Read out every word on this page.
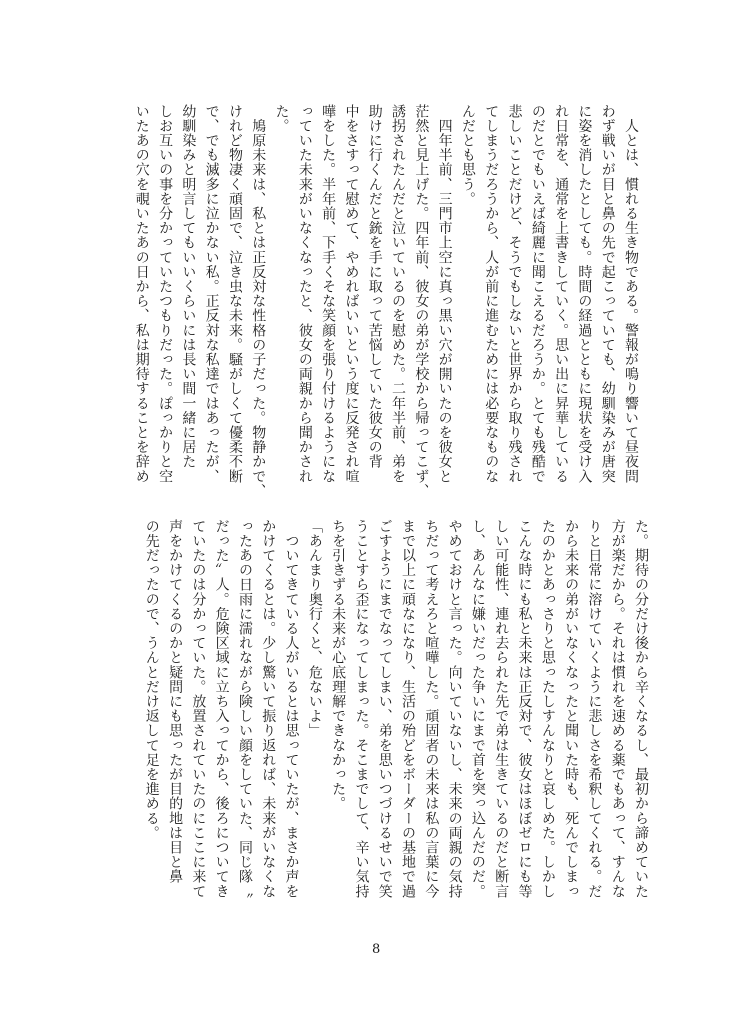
　人とは、慣れる生き物である。警報が鳴り響いて昼夜問
わず戦いが目と鼻の先で起こっていても、幼馴染みが唐突
に姿を消したとしても。時間の経過とともに現状を受け入
れ日常を、通常を上書きしていく。思い出に昇華している
のだとでもいえば綺麗に聞こえるだろうか。とても残酷で
悲しいことだけど、そうでもしないと世界から取り残され
てしまうだろうから、人が前に進むためには必要なものな
んだとも思う。
　四年半前、三門市上空に真っ黒い穴が開いたのを彼女と
茫然と見上げた。四年前、彼女の弟が学校から帰ってこず、
誘拐されたんだと泣いているのを慰めた。二年半前、弟を
助けに行くんだと銃を手に取って苦悩していた彼女の背
中をさすって慰めて、やめればいいという度に反発され喧
嘩をした。半年前、下手くそな笑顔を張り付けるようにな
っていた未来がいなくなったと、彼女の両親から聞かされ
た。
　鳩原未来は、私とは正反対な性格の子だった。物静かで、
けれど物凄く頑固で、泣き虫な未来。騒がしくて優柔不断
で、でも滅多に泣かない私。正反対な私達ではあったが、
幼馴染みと明言してもいいくらいには長い間一緒に居た
しお互いの事を分かっていたつもりだった。ぽっかりと空
いたあの穴を覗いたあの日から、私は期待することを辞め
た。期待の分だけ後から辛くなるし、最初から諦めていた
方が楽だから。それは慣れを速める薬でもあって、すんな
りと日常に溶けていくように悲しさを希釈してくれる。だ
から未来の弟がいなくなったと聞いた時も、死んでしまっ
たのかとあっさりと思ったしすんなりと哀しめた。しかし
こんな時にも私と未来は正反対で、彼女はほぼゼロにも等
しい可能性、連れ去られた先で弟は生きているのだと断言
し、あんなに嫌いだった争いにまで首を突っ込んだのだ。
やめておけと言った。向いていないし、未来の両親の気持
ちだって考えろと喧嘩した。頑固者の未来は私の言葉に今
まで以上に頑なになり、生活の殆どをボーダーの基地で過
ごすようにまでなってしまい、弟を思いつづけるせいで笑
うことすら歪になってしまった。そこまでして、辛い気持
ちを引きずる未来が心底理解できなかった。
「あんまり奥行くと、危ないよ」
　ついてきている人がいるとは思っていたが、まさか声を
かけてくるとは。少し驚いて振り返れば、未来がいなくな
ったあの日雨に濡れながら険しい顔をしていた、同じ隊〝
だった〟人。危険区域に立ち入ってから、後ろについてき
ていたのは分かっていた。放置されていたのにここに来て
声をかけてくるのかと疑問にも思ったが目的地は目と鼻
の先だったので、うんとだけ返して足を進める。
8
